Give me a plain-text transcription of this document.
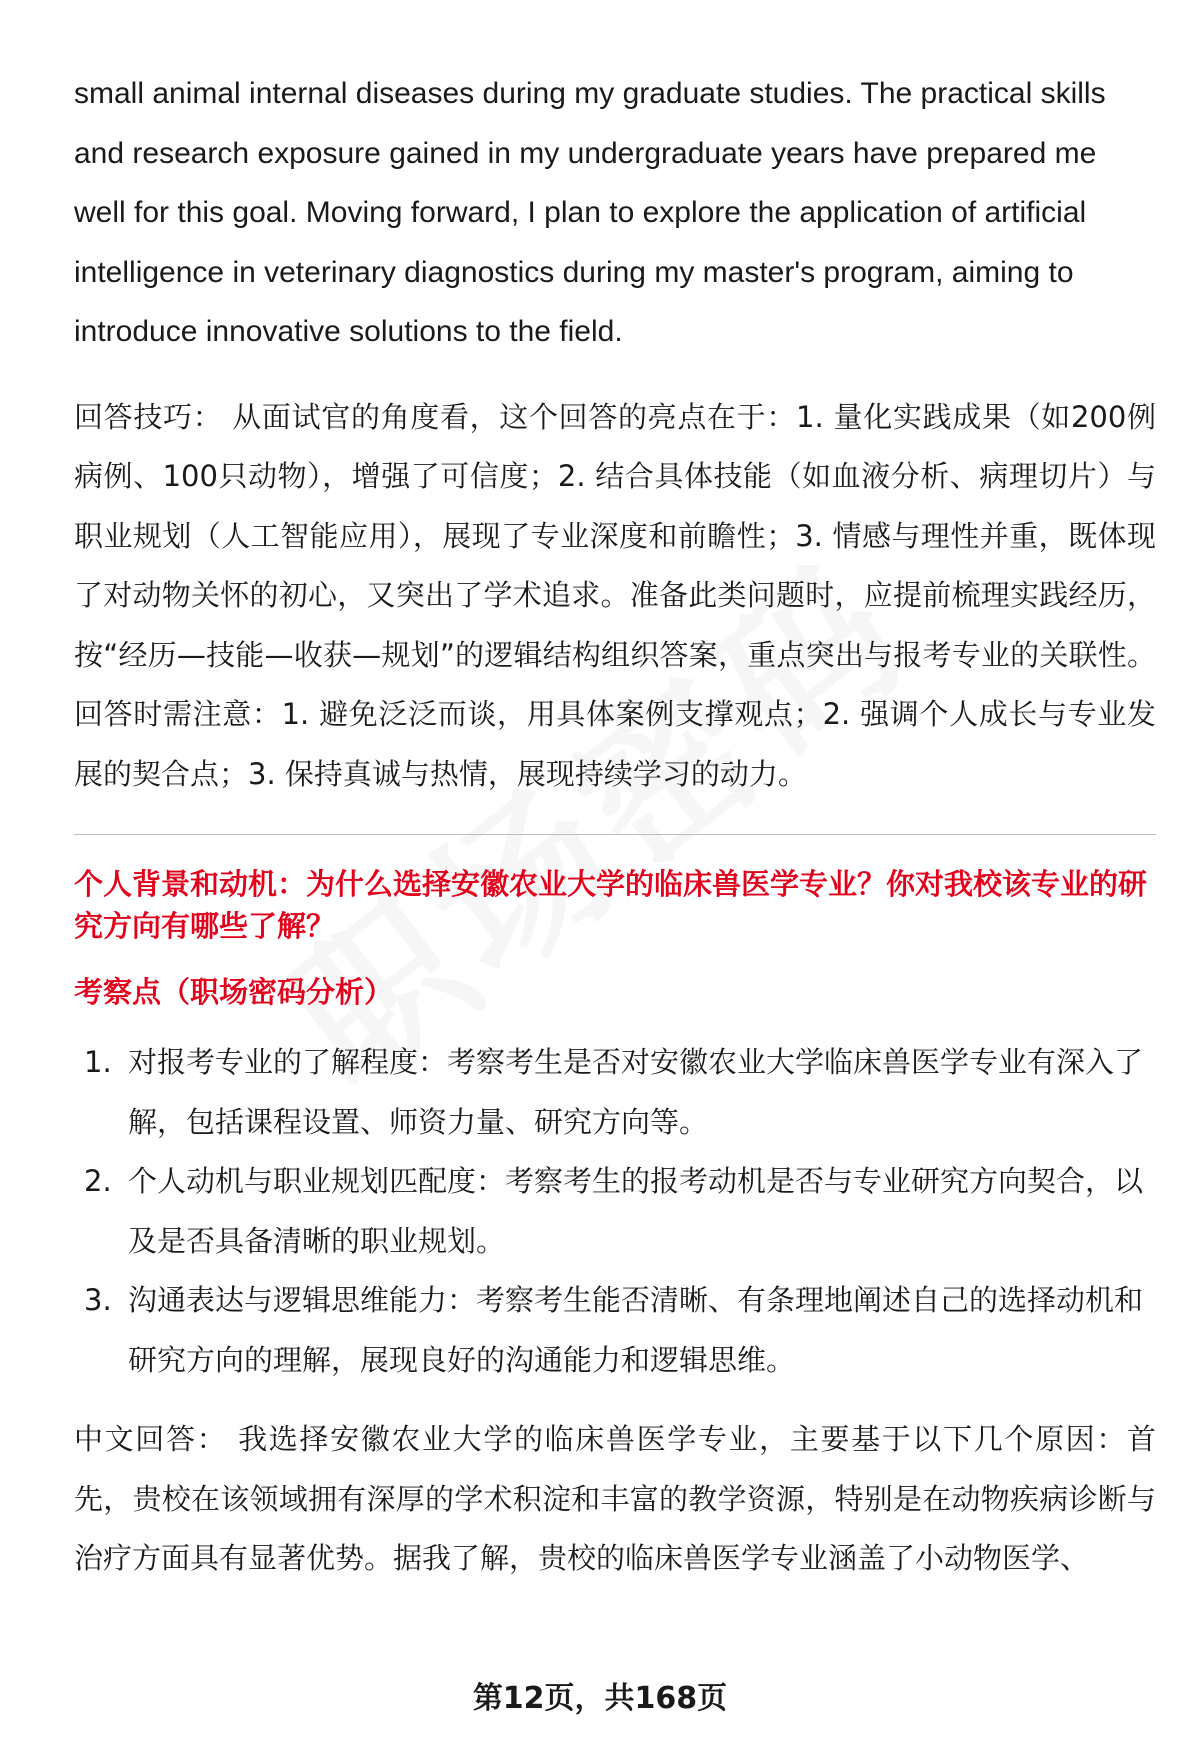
small animal internal diseases during my graduate studies. The practical skills and research exposure gained in my undergraduate years have prepared me well for this goal. Moving forward, I plan to explore the application of artificial intelligence in veterinary diagnostics during my master's program, aiming to introduce innovative solutions to the field.

回答技巧： 从面试官的角度看，这个回答的亮点在于：1. 量化实践成果（如200例病例、100只动物），增强了可信度；2. 结合具体技能（如血液分析、病理切片）与职业规划（人工智能应用），展现了专业深度和前瞻性；3. 情感与理性并重，既体现了对动物关怀的初心，又突出了学术追求。准备此类问题时，应提前梳理实践经历，按“经历—技能—收获—规划”的逻辑结构组织答案，重点突出与报考专业的关联性。回答时需注意：1. 避免泛泛而谈，用具体案例支撑观点；2. 强调个人成长与专业发展的契合点；3. 保持真诚与热情，展现持续学习的动力。

个人背景和动机：为什么选择安徽农业大学的临床兽医学专业？你对我校该专业的研究方向有哪些了解？

考察点（职场密码分析）

1. 对报考专业的了解程度：考察考生是否对安徽农业大学临床兽医学专业有深入了解，包括课程设置、师资力量、研究方向等。
2. 个人动机与职业规划匹配度：考察考生的报考动机是否与专业研究方向契合，以及是否具备清晰的职业规划。
3. 沟通表达与逻辑思维能力：考察考生能否清晰、有条理地阐述自己的选择动机和研究方向的理解，展现良好的沟通能力和逻辑思维。

中文回答： 我选择安徽农业大学的临床兽医学专业，主要基于以下几个原因：首先，贵校在该领域拥有深厚的学术积淀和丰富的教学资源，特别是在动物疾病诊断与治疗方面具有显著优势。据我了解，贵校的临床兽医学专业涵盖了小动物医学、

第12页，共168页
